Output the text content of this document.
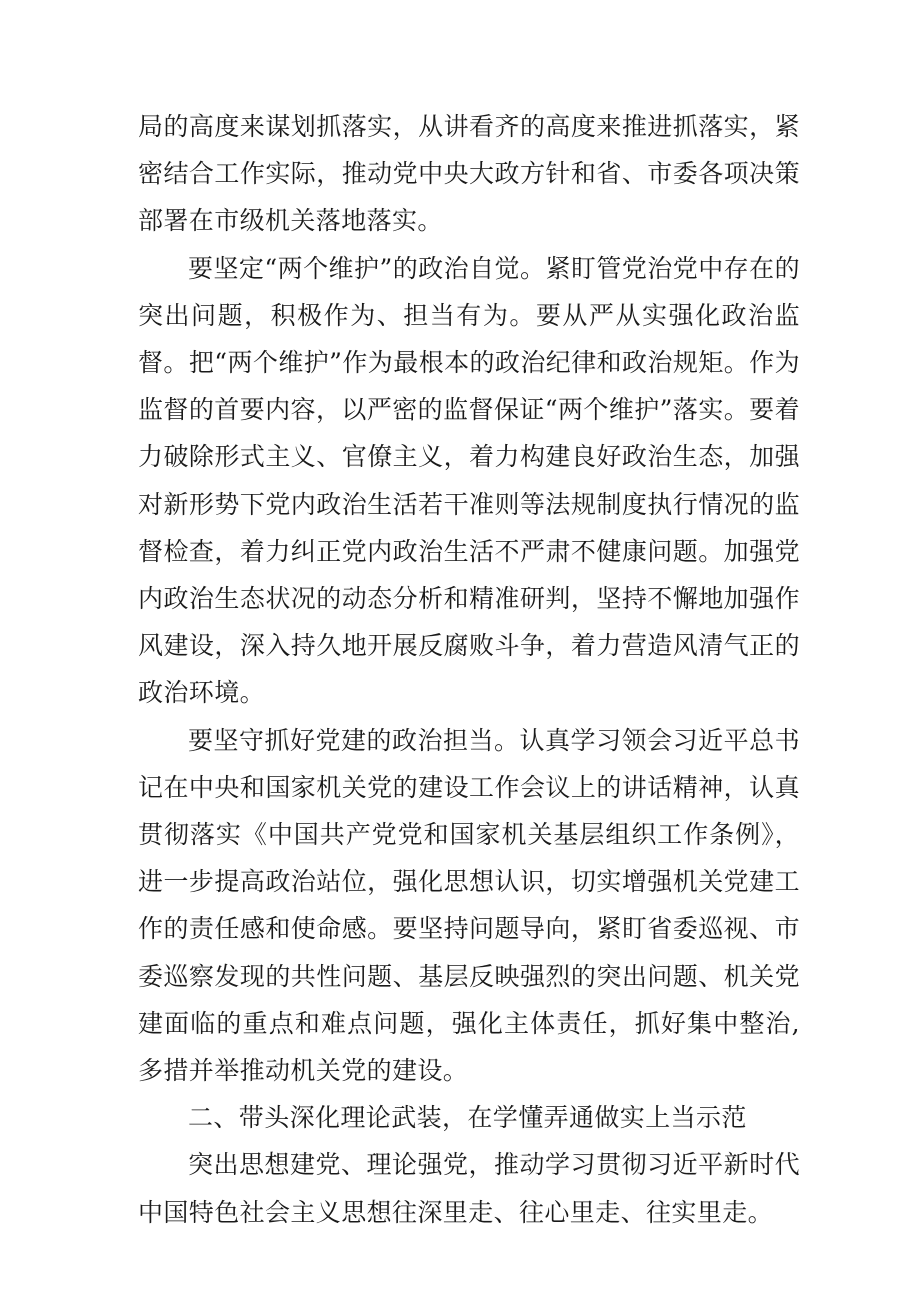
局的高度来谋划抓落实，从讲看齐的高度来推进抓落实，紧密结合工作实际，推动党中央大政方针和省、市委各项决策部署在市级机关落地落实。

要坚定“两个维护”的政治自觉。紧盯管党治党中存在的突出问题，积极作为、担当有为。要从严从实强化政治监督。把“两个维护”作为最根本的政治纪律和政治规矩。作为监督的首要内容，以严密的监督保证“两个维护”落实。要着力破除形式主义、官僚主义，着力构建良好政治生态，加强对新形势下党内政治生活若干准则等法规制度执行情况的监督检查，着力纠正党内政治生活不严肃不健康问题。加强党内政治生态状况的动态分析和精准研判，坚持不懈地加强作风建设，深入持久地开展反腐败斗争，着力营造风清气正的政治环境。

要坚守抓好党建的政治担当。认真学习领会习近平总书记在中央和国家机关党的建设工作会议上的讲话精神，认真贯彻落实《中国共产党党和国家机关基层组织工作条例》，进一步提高政治站位，强化思想认识，切实增强机关党建工作的责任感和使命感。要坚持问题导向，紧盯省委巡视、市委巡察发现的共性问题、基层反映强烈的突出问题、机关党建面临的重点和难点问题，强化主体责任，抓好集中整治,多措并举推动机关党的建设。

二、带头深化理论武装，在学懂弄通做实上当示范

突出思想建党、理论强党，推动学习贯彻习近平新时代中国特色社会主义思想往深里走、往心里走、往实里走。
